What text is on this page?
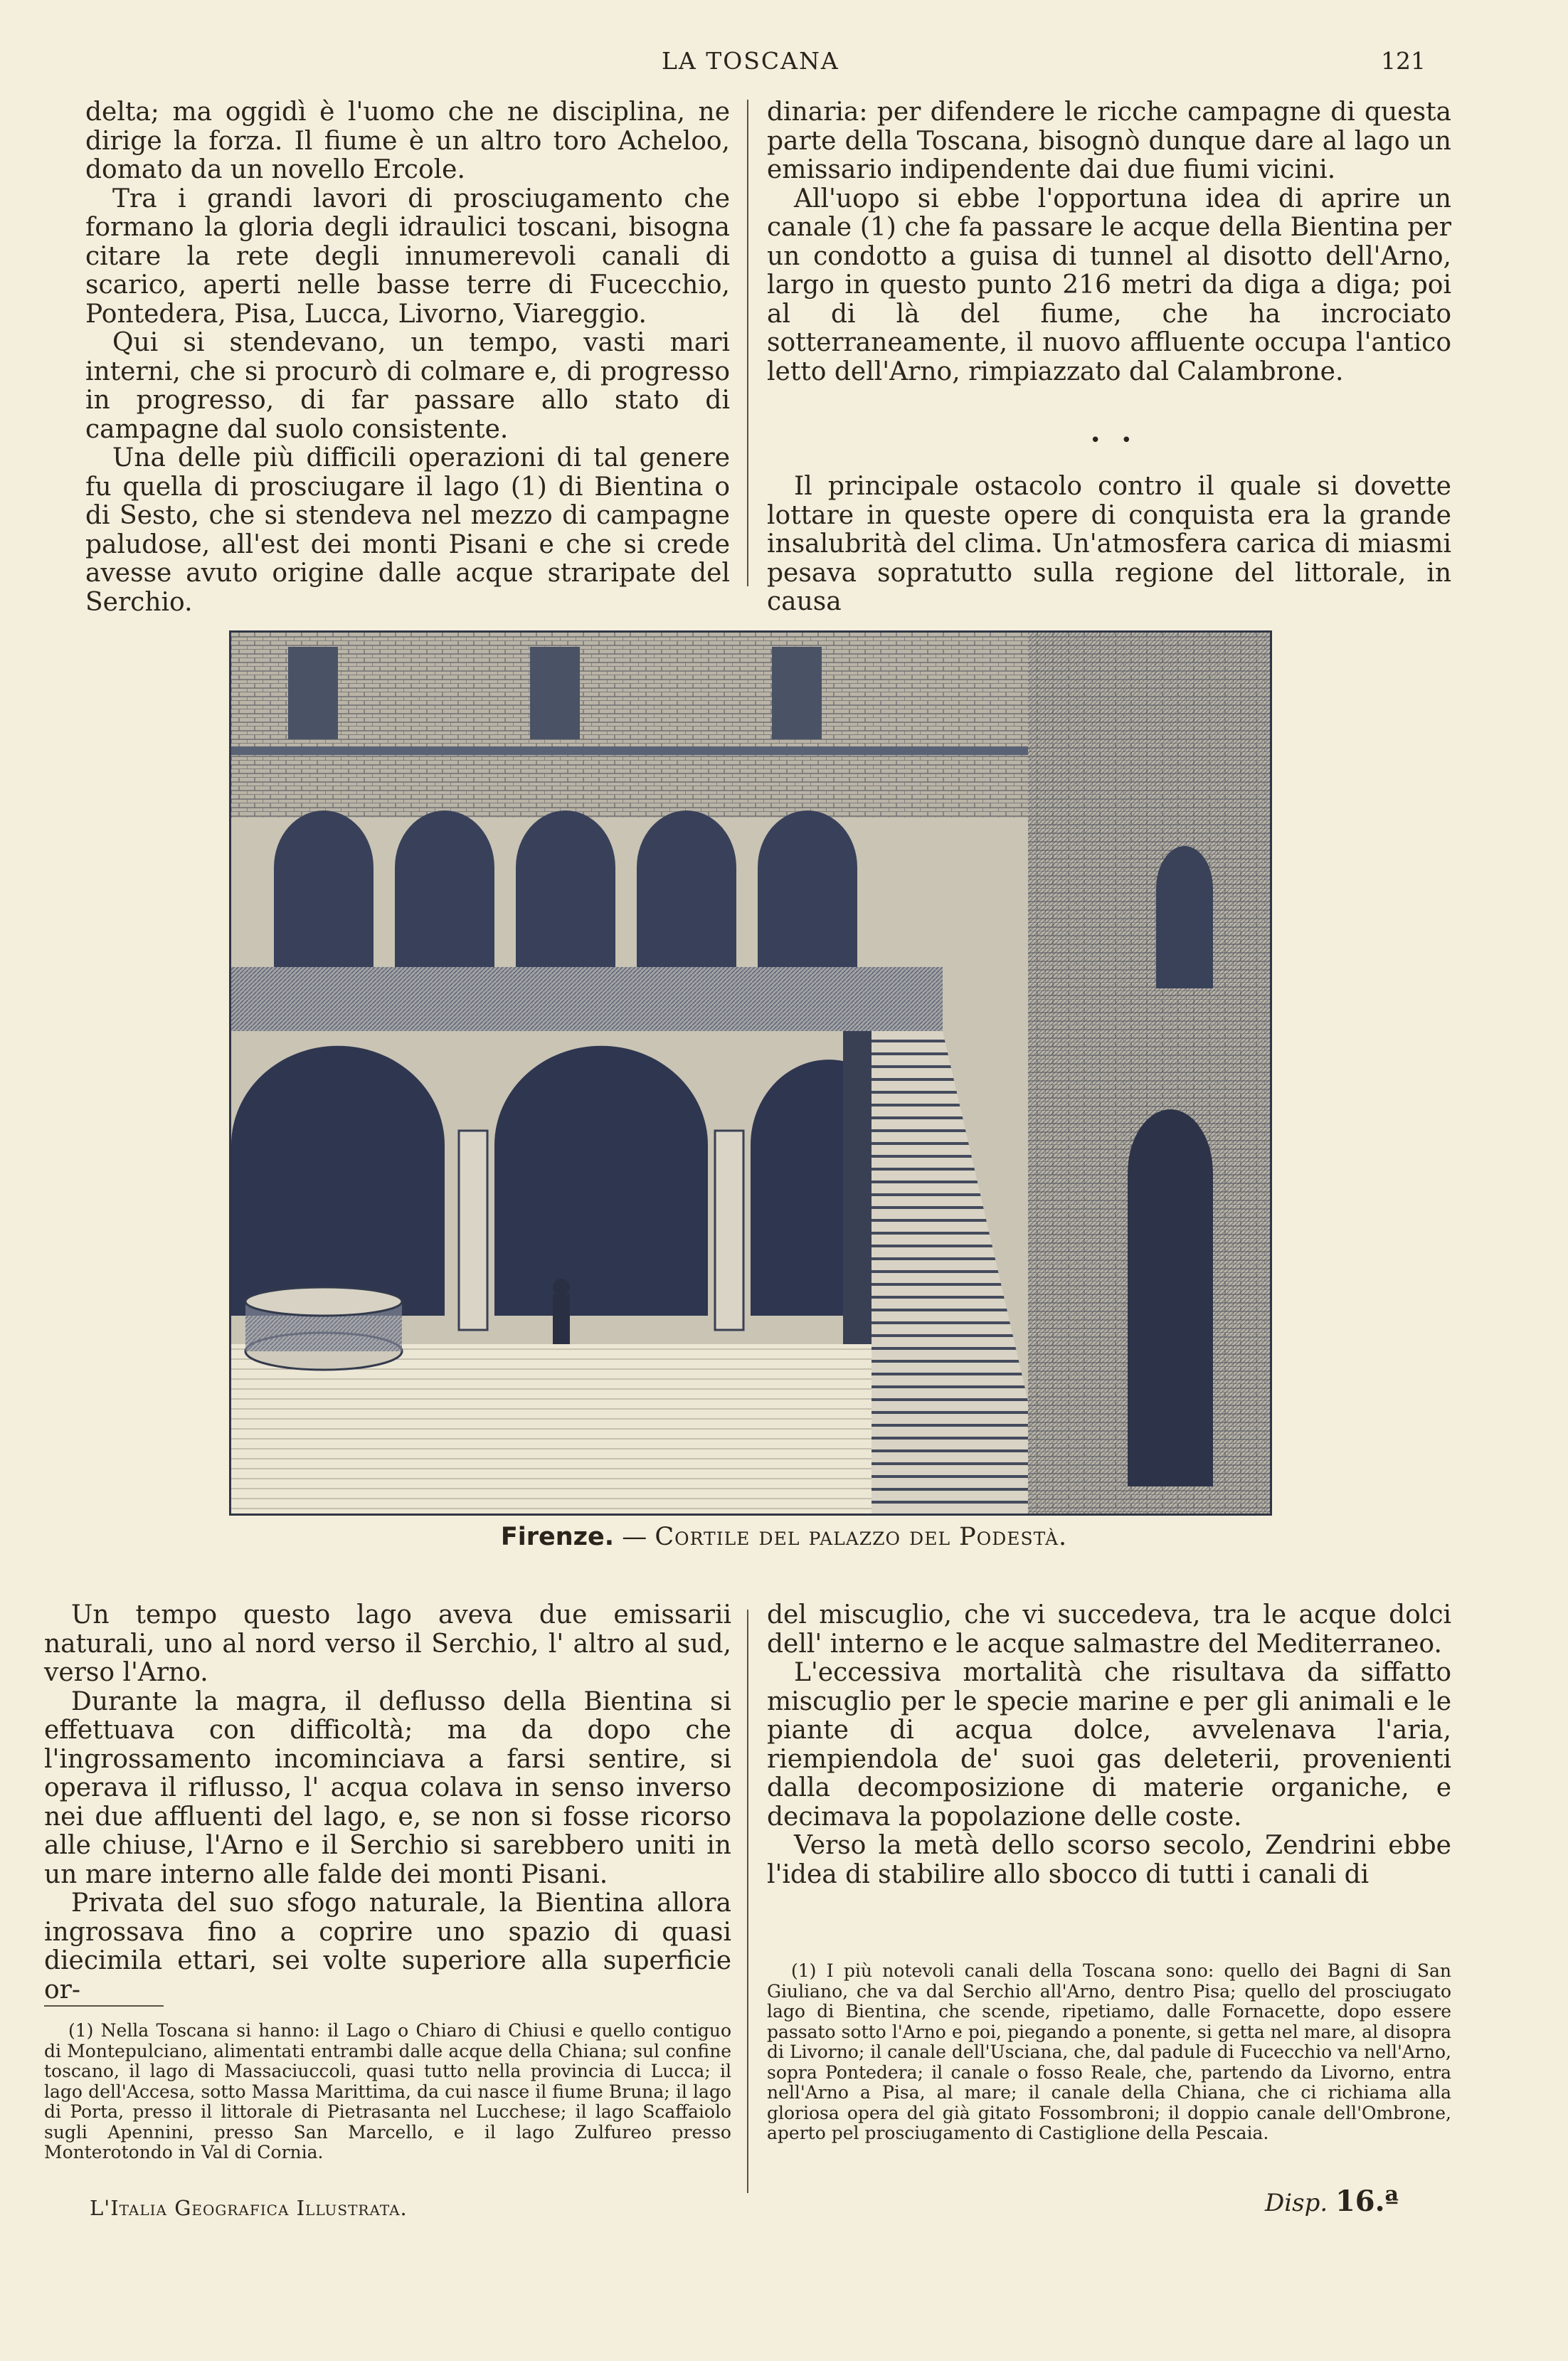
LA TOSCANA	121

delta; ma oggidì è l'uomo che ne disciplina, ne dirige la forza. Il fiume è un altro toro Acheloo, domato da un novello Ercole.

Tra i grandi lavori di prosciugamento che formano la gloria degli idraulici toscani, bisogna citare la rete degli innumerevoli canali di scarico, aperti nelle basse terre di Fucecchio, Pontedera, Pisa, Lucca, Livorno, Viareggio.

Qui si stendevano, un tempo, vasti mari interni, che si procurò di colmare e, di progresso in progresso, di far passare allo stato di campagne dal suolo consistente.

Una delle più difficili operazioni di tal genere fu quella di prosciugare il lago (1) di Bientina o di Sesto, che si stendeva nel mezzo di campagne paludose, all'est dei monti Pisani e che si crede avesse avuto origine dalle acque straripate del Serchio.

dinaria: per difendere le ricche campagne di questa parte della Toscana, bisognò dunque dare al lago un emissario indipendente dai due fiumi vicini.

All'uopo si ebbe l'opportuna idea di aprire un canale (1) che fa passare le acque della Bientina per un condotto a guisa di tunnel al disotto dell'Arno, largo in questo punto 216 metri da diga a diga; poi al di là del fiume, che ha incrociato sotterraneamente, il nuovo affluente occupa l'antico letto dell'Arno, rimpiazzato dal Calambrone.

• •

Il principale ostacolo contro il quale si dovette lottare in queste opere di conquista era la grande insalubrità del clima. Un'atmosfera carica di miasmi pesava sopratutto sulla regione del littorale, in causa

Firenze. — Cortile del palazzo del Podestà.

Un tempo questo lago aveva due emissarii naturali, uno al nord verso il Serchio, l' altro al sud, verso l'Arno.

Durante la magra, il deflusso della Bientina si effettuava con difficoltà; ma da dopo che l'ingrossamento incominciava a farsi sentire, si operava il riflusso, l' acqua colava in senso inverso nei due affluenti del lago, e, se non si fosse ricorso alle chiuse, l'Arno e il Serchio si sarebbero uniti in un mare interno alle falde dei monti Pisani.

Privata del suo sfogo naturale, la Bientina allora ingrossava fino a coprire uno spazio di quasi diecimila ettari, sei volte superiore alla superficie or-

del miscuglio, che vi succedeva, tra le acque dolci dell' interno e le acque salmastre del Mediterraneo.

L'eccessiva mortalità che risultava da siffatto miscuglio per le specie marine e per gli animali e le piante di acqua dolce, avvelenava l'aria, riempiendola de' suoi gas deleterii, provenienti dalla decomposizione di materie organiche, e decimava la popolazione delle coste.

Verso la metà dello scorso secolo, Zendrini ebbe l'idea di stabilire allo sbocco di tutti i canali di

(1) Nella Toscana si hanno: il Lago o Chiaro di Chiusi e quello contiguo di Montepulciano, alimentati entrambi dalle acque della Chiana; sul confine toscano, il lago di Massaciuccoli, quasi tutto nella provincia di Lucca; il lago dell'Accesa, sotto Massa Marittima, da cui nasce il fiume Bruna; il lago di Porta, presso il littorale di Pietrasanta nel Lucchese; il lago Scaffaiolo sugli Apennini, presso San Marcello, e il lago Zulfureo presso Monterotondo in Val di Cornia.

(1) I più notevoli canali della Toscana sono: quello dei Bagni di San Giuliano, che va dal Serchio all'Arno, dentro Pisa; quello del prosciugato lago di Bientina, che scende, ripetiamo, dalle Fornacette, dopo essere passato sotto l'Arno e poi, piegando a ponente, si getta nel mare, al disopra di Livorno; il canale dell'Usciana, che, dal padule di Fucecchio va nell'Arno, sopra Pontedera; il canale o fosso Reale, che, partendo da Livorno, entra nell'Arno a Pisa, al mare; il canale della Chiana, che ci richiama alla gloriosa opera del già gitato Fossombroni; il doppio canale dell'Ombrone, aperto pel prosciugamento di Castiglione della Pescaia.

L'Italia Geografica Illustrata.	Disp. 16.ª
